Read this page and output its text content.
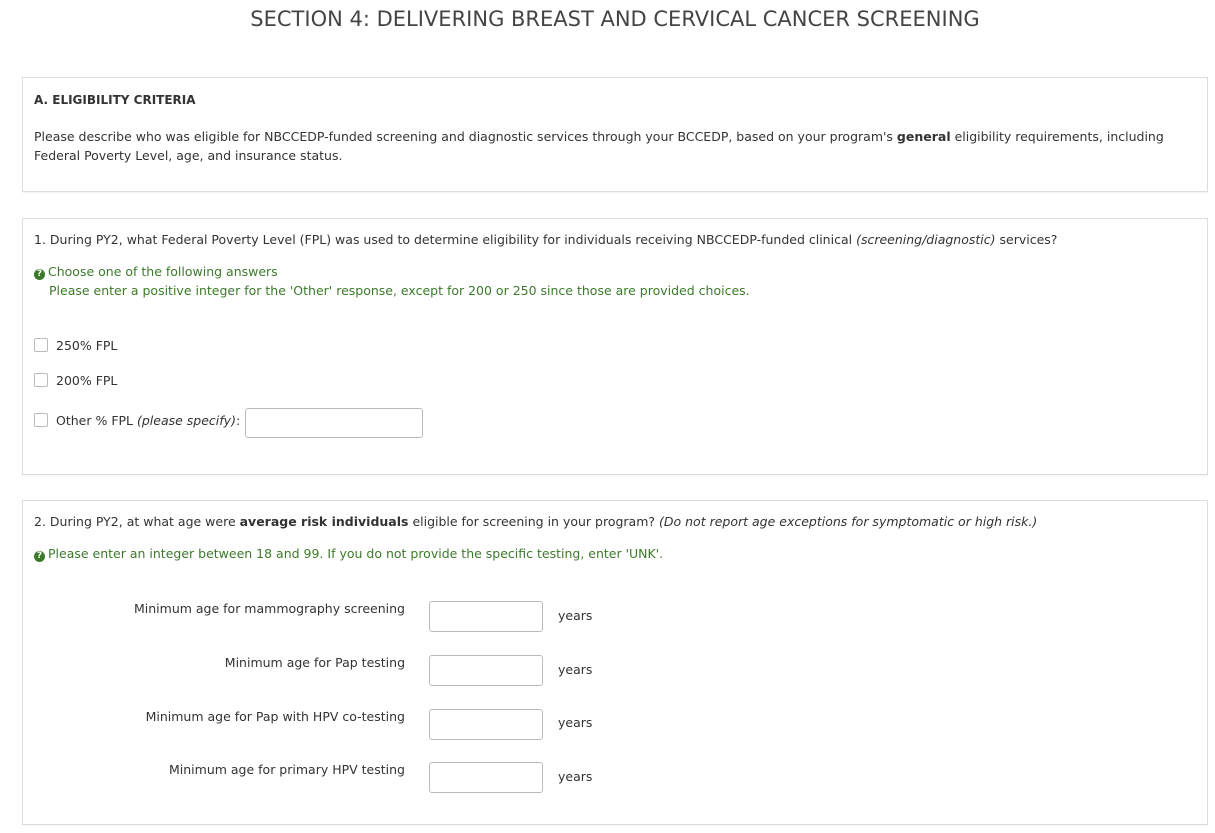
SECTION 4: DELIVERING BREAST AND CERVICAL CANCER SCREENING
A. ELIGIBILITY CRITERIA
Please describe who was eligible for NBCCEDP-funded screening and diagnostic services through your BCCEDP, based on your program's general eligibility requirements, including Federal Poverty Level, age, and insurance status.
1. During PY2, what Federal Poverty Level (FPL) was used to determine eligibility for individuals receiving NBCCEDP-funded clinical (screening/diagnostic) services?
? Choose one of the following answers
Please enter a positive integer for the 'Other' response, except for 200 or 250 since those are provided choices.
250% FPL
200% FPL
Other % FPL (please specify):
2. During PY2, at what age were average risk individuals eligible for screening in your program? (Do not report age exceptions for symptomatic or high risk.)
? Please enter an integer between 18 and 99. If you do not provide the specific testing, enter 'UNK'.
Minimum age for mammography screening	years
Minimum age for Pap testing	years
Minimum age for Pap with HPV co-testing	years
Minimum age for primary HPV testing	years
